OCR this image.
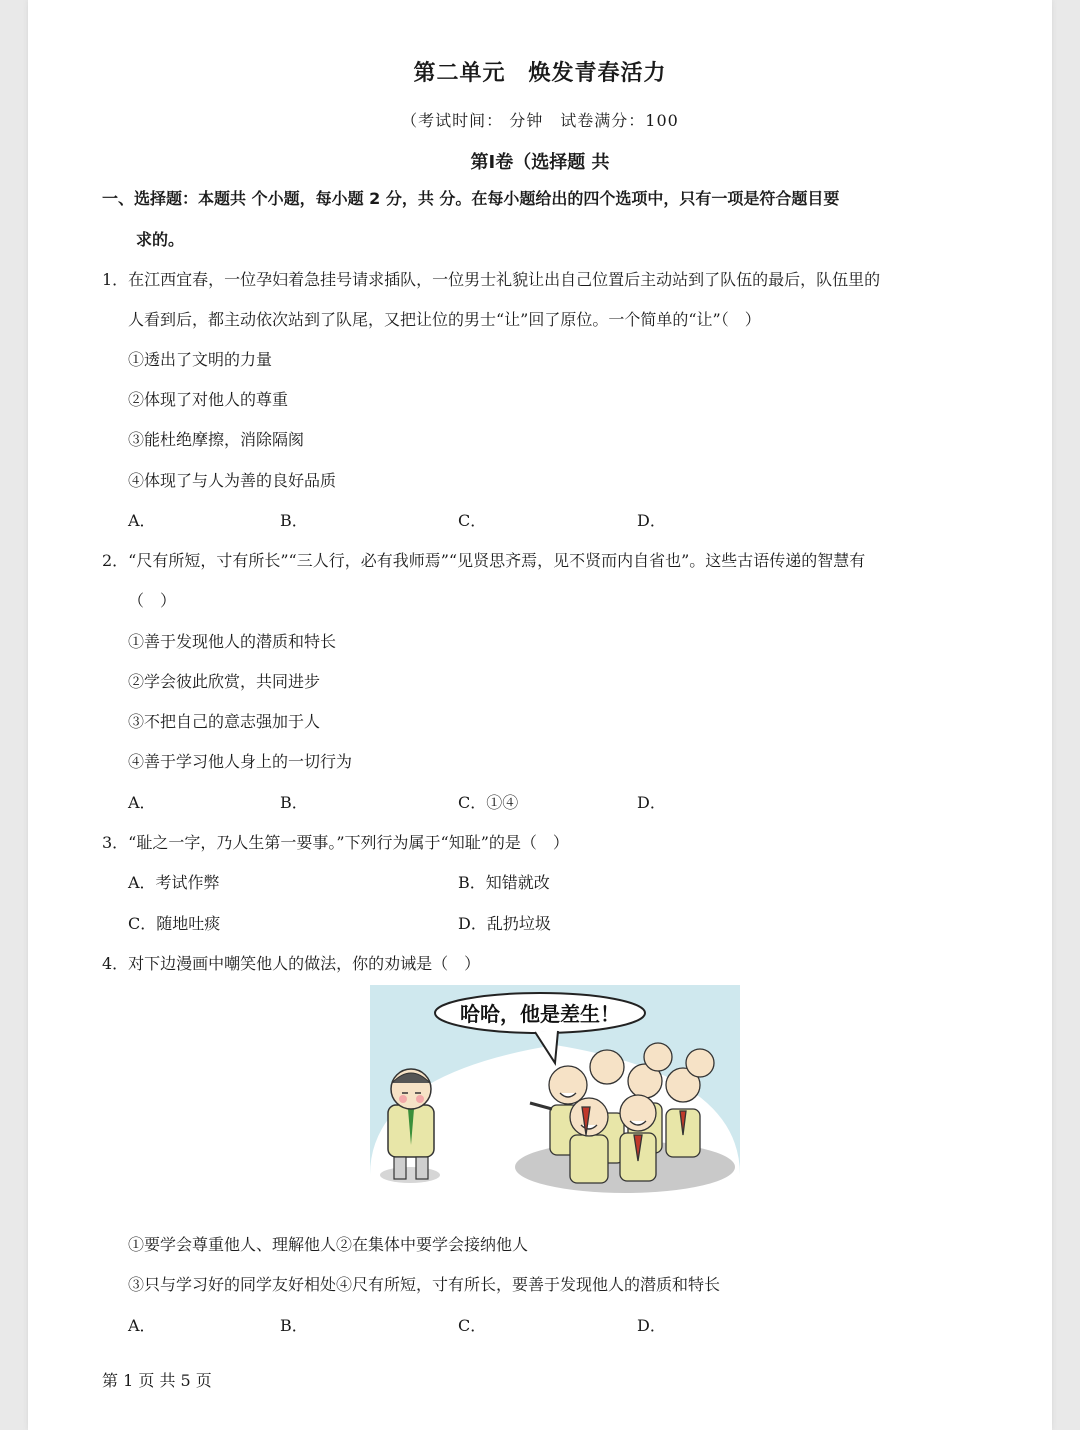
第二单元　焕发青春活力
（考试时间： 分钟　试卷满分：100
第Ⅰ卷（选择题 共
一、选择题：本题共 个小题，每小题 2 分，共 分。在每小题给出的四个选项中，只有一项是符合题目要
求的。
1．在江西宜春，一位孕妇着急挂号请求插队，一位男士礼貌让出自己位置后主动站到了队伍的最后，队伍里的
人看到后，都主动依次站到了队尾，又把让位的男士“让”回了原位。一个简单的“让”（　）
①透出了文明的力量
②体现了对他人的尊重
③能杜绝摩擦，消除隔阂
④体现了与人为善的良好品质
A．	B．	C．	D．
2．“尺有所短，寸有所长”“三人行，必有我师焉”“见贤思齐焉，见不贤而内自省也”。这些古语传递的智慧有
（　）
①善于发现他人的潜质和特长
②学会彼此欣赏，共同进步
③不把自己的意志强加于人
④善于学习他人身上的一切行为
A．	B．	C．①④	D．
3．“耻之一字，乃人生第一要事。”下列行为属于“知耻”的是（　）
A．考试作弊	B．知错就改
C．随地吐痰	D．乱扔垃圾
4．对下边漫画中嘲笑他人的做法，你的劝诫是（　）
哈哈，他是差生！
①要学会尊重他人、理解他人②在集体中要学会接纳他人
③只与学习好的同学友好相处④尺有所短，寸有所长，要善于发现他人的潜质和特长
A．	B．	C．	D．
第 1 页 共 5 页
